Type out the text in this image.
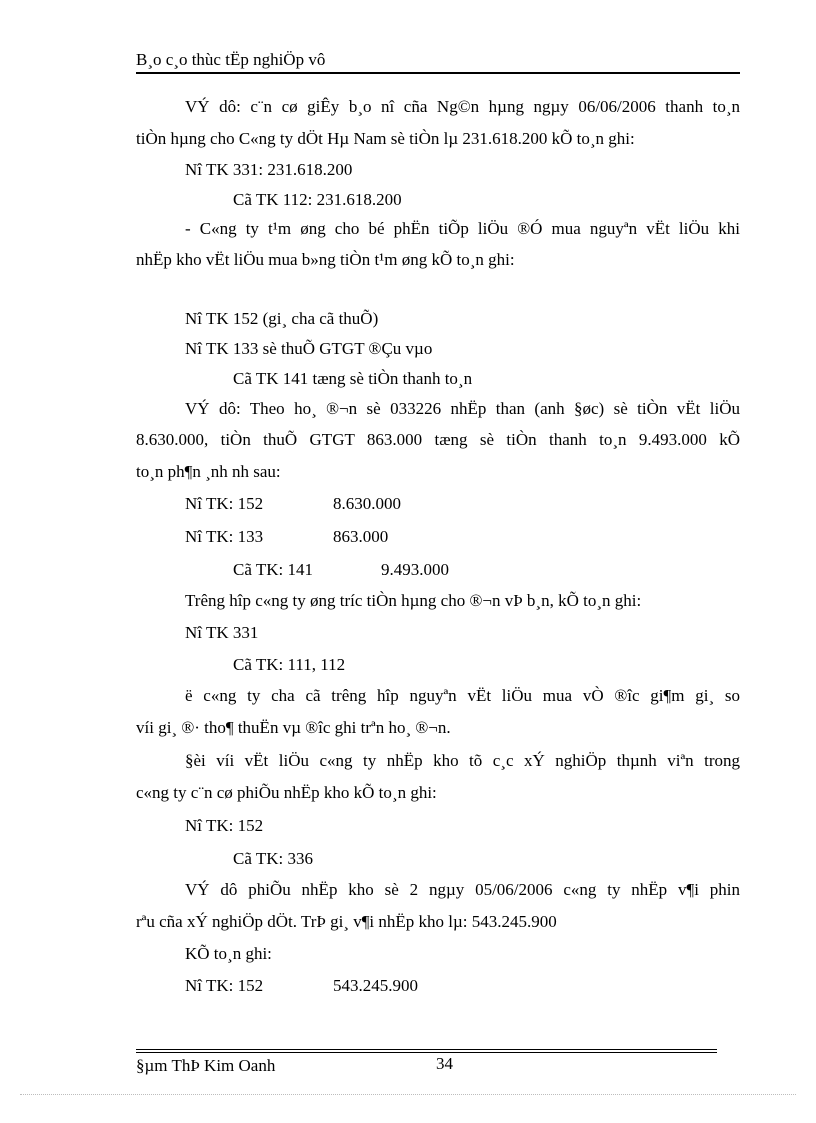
B¸o c¸o thùc tËp nghiÖp vô
VÝ dô: c¨n cø giÊy b¸o nî cña Ng©n hµng ngµy 06/06/2006 thanh to¸n
tiÒn hµng cho C«ng ty dÖt Hµ Nam sè tiÒn lµ 231.618.200 kÕ to¸n ghi:
Nî TK 331: 231.618.200
Cã TK 112: 231.618.200
- C«ng ty t¹m øng cho bé phËn tiÕp liÖu ®Ó mua nguyªn vËt liÖu khi
nhËp kho vËt liÖu mua b»ng tiÒn t¹m øng kÕ to¸n ghi:
Nî TK 152 (gi¸ cha cã thuÕ)
Nî TK 133 sè thuÕ GTGT ®Çu vµo
Cã TK 141 tæng sè tiÒn thanh to¸n
VÝ dô: Theo ho¸ ®¬n sè 033226 nhËp than (anh §øc) sè tiÒn vËt liÖu
8.630.000, tiÒn thuÕ GTGT 863.000 tæng sè tiÒn thanh to¸n 9.493.000 kÕ
to¸n ph¶n ¸nh nh sau:
Nî TK: 152	8.630.000
Nî TK: 133	863.000
Cã TK: 141	9.493.000
Trêng hîp c«ng ty øng tríc tiÒn hµng cho ®¬n vÞ b¸n, kÕ to¸n ghi:
Nî TK 331
Cã TK: 111, 112
ë c«ng ty cha cã trêng hîp nguyªn vËt liÖu mua vÒ ®îc gi¶m gi¸ so
víi gi¸ ®· tho¶ thuËn vµ ®îc ghi trªn ho¸ ®¬n.
§èi víi vËt liÖu c«ng ty nhËp kho tõ c¸c xÝ nghiÖp thµnh viªn trong
c«ng ty c¨n cø phiÕu nhËp kho kÕ to¸n ghi:
Nî TK: 152
Cã TK: 336
VÝ dô phiÕu nhËp kho sè 2 ngµy 05/06/2006 c«ng ty nhËp v¶i phin
rªu cña xÝ nghiÖp dÖt. TrÞ gi¸ v¶i nhËp kho lµ: 543.245.900
KÕ to¸n ghi:
Nî TK: 152	543.245.900
§µm ThÞ Kim Oanh	34
